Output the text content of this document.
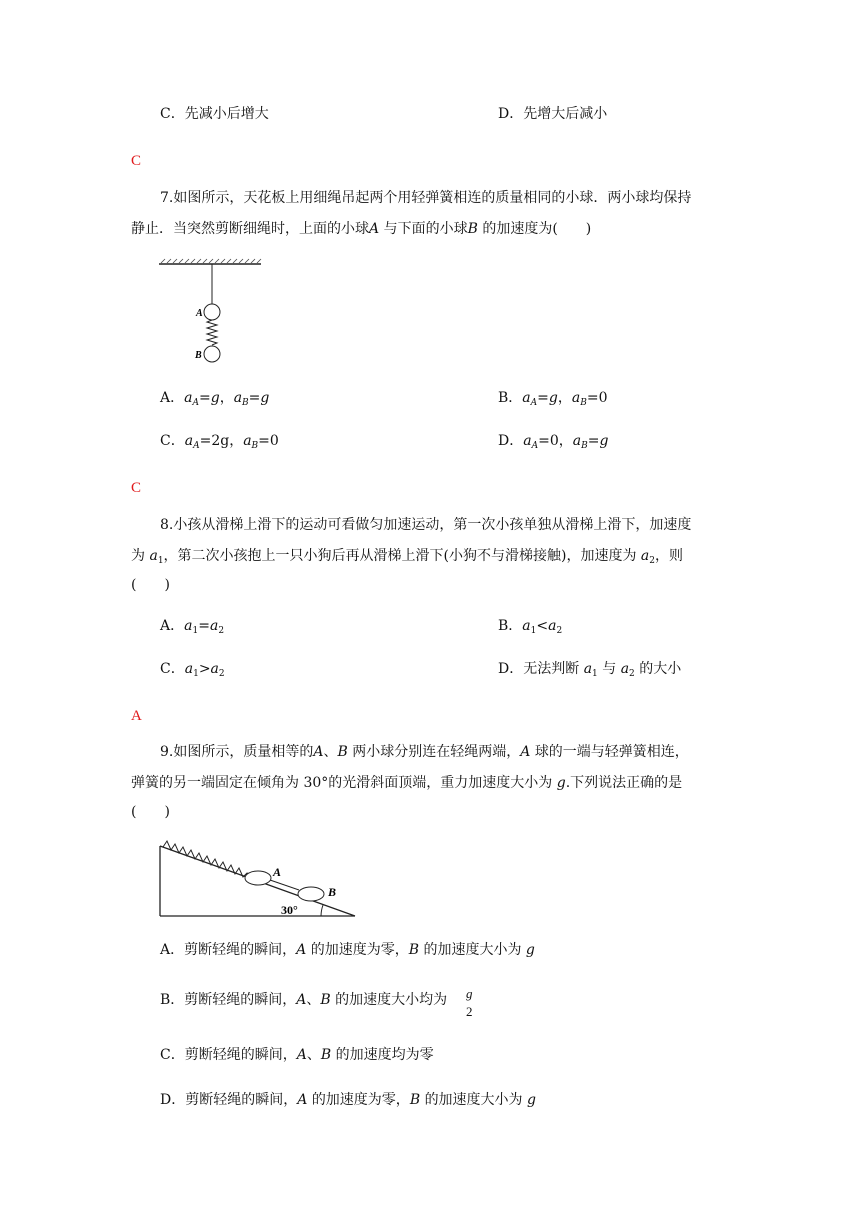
C．先减小后增大	D．先增大后减小
C
7.如图所示，天花板上用细绳吊起两个用轻弹簧相连的质量相同的小球．两小球均保持
静止．当突然剪断细绳时，上面的小球A 与下面的小球B 的加速度为(　　)
A
B
A．$a_A=g$，$a_B=g$	B．$a_A=g$，$a_B=0$
C．$a_A=2g$，$a_B=0$	D．$a_A=0$，$a_B=g$
C
8.小孩从滑梯上滑下的运动可看做匀加速运动，第一次小孩单独从滑梯上滑下，加速度
为 $a_1$，第二次小孩抱上一只小狗后再从滑梯上滑下(小狗不与滑梯接触)，加速度为 $a_2$，则
(　　)
A．$a_1=a_2$	B．$a_1<a_2$
C．$a_1>a_2$	D．无法判断 $a_1$ 与 $a_2$ 的大小
A
9.如图所示，质量相等的A、B 两小球分别连在轻绳两端，A 球的一端与轻弹簧相连，
弹簧的另一端固定在倾角为 30°的光滑斜面顶端，重力加速度大小为 g.下列说法正确的是
(　　)
A
B
30°
A．剪断轻绳的瞬间，A 的加速度为零，B 的加速度大小为 g
B．剪断轻绳的瞬间，A、B 的加速度大小均为 g
2
C．剪断轻绳的瞬间，A、B 的加速度均为零
D．剪断轻绳的瞬间，A 的加速度为零，B 的加速度大小为 g
